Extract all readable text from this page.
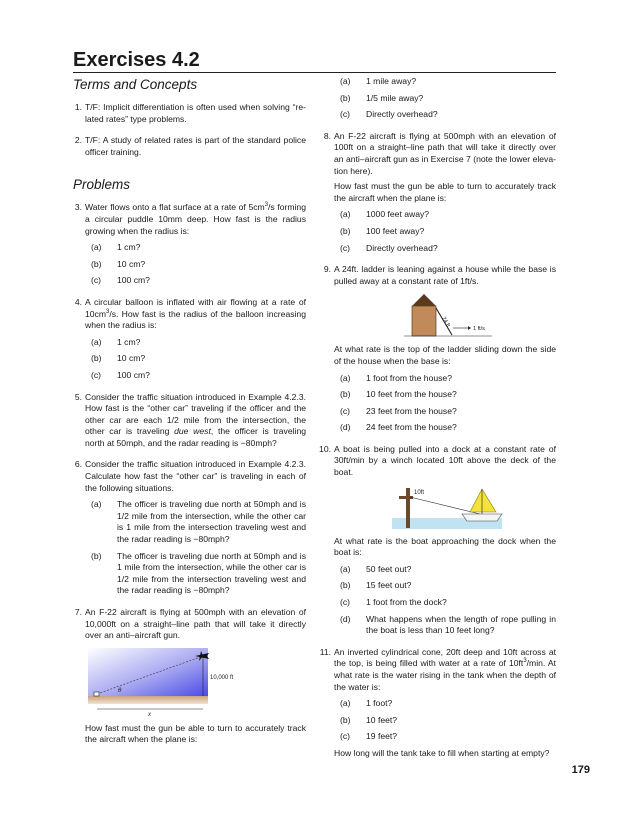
Exercises 4.2
Terms and Concepts
1. T/F: Implicit differentiation is often used when solving “re-lated rates” type problems.
2. T/F: A study of related rates is part of the standard police officer training.
Problems
3. Water flows onto a flat surface at a rate of $5cm^3/s$ forming a circular puddle 10mm deep. How fast is the radius growing when the radius is:
(a) 1 cm?
(b) 10 cm?
(c) 100 cm?
4. A circular balloon is inflated with air flowing at a rate of $10cm^3/s$. How fast is the radius of the balloon increasing when the radius is:
(a) 1 cm?
(b) 10 cm?
(c) 100 cm?
5. Consider the traffic situation introduced in Example 4.2.3. How fast is the “other car” traveling if the officer and the other car are each 1/2 mile from the intersection, the other car is traveling due west, the officer is traveling north at 50mph, and the radar reading is −80mph?
6. Consider the traffic situation introduced in Example 4.2.3. Calculate how fast the “other car” is traveling in each of the following situations.
(a) The officer is traveling due north at 50mph and is 1/2 mile from the intersection, while the other car is 1 mile from the intersection traveling west and the radar reading is −80mph?
(b) The officer is traveling due north at 50mph and is 1 mile from the intersection, while the other car is 1/2 mile from the intersection traveling west and the radar reading is −80mph?
7. An F-22 aircraft is flying at 500mph with an elevation of 10,000ft on a straight–line path that will take it directly over an anti–aircraft gun.
θ
10,000 ft
x
How fast must the gun be able to turn to accurately track the aircraft when the plane is:
(a) 1 mile away?
(b) 1/5 mile away?
(c) Directly overhead?
8. An F-22 aircraft is flying at 500mph with an elevation of 100ft on a straight–line path that will take it directly over an anti–aircraft gun as in Exercise 7 (note the lower eleva-tion here).
How fast must the gun be able to turn to accurately track the aircraft when the plane is:
(a) 1000 feet away?
(b) 100 feet away?
(c) Directly overhead?
9. A 24ft. ladder is leaning against a house while the base is pulled away at a constant rate of 1ft/s.
24 ft
1 ft/s
At what rate is the top of the ladder sliding down the side of the house when the base is:
(a) 1 foot from the house?
(b) 10 feet from the house?
(c) 23 feet from the house?
(d) 24 feet from the house?
10. A boat is being pulled into a dock at a constant rate of 30ft/min by a winch located 10ft above the deck of the boat.
10ft
At what rate is the boat approaching the dock when the boat is:
(a) 50 feet out?
(b) 15 feet out?
(c) 1 foot from the dock?
(d) What happens when the length of rope pulling in the boat is less than 10 feet long?
11. An inverted cylindrical cone, 20ft deep and 10ft across at the top, is being filled with water at a rate of $10ft^3/\min$. At what rate is the water rising in the tank when the depth of the water is:
(a) 1 foot?
(b) 10 feet?
(c) 19 feet?
How long will the tank take to fill when starting at empty?
179
